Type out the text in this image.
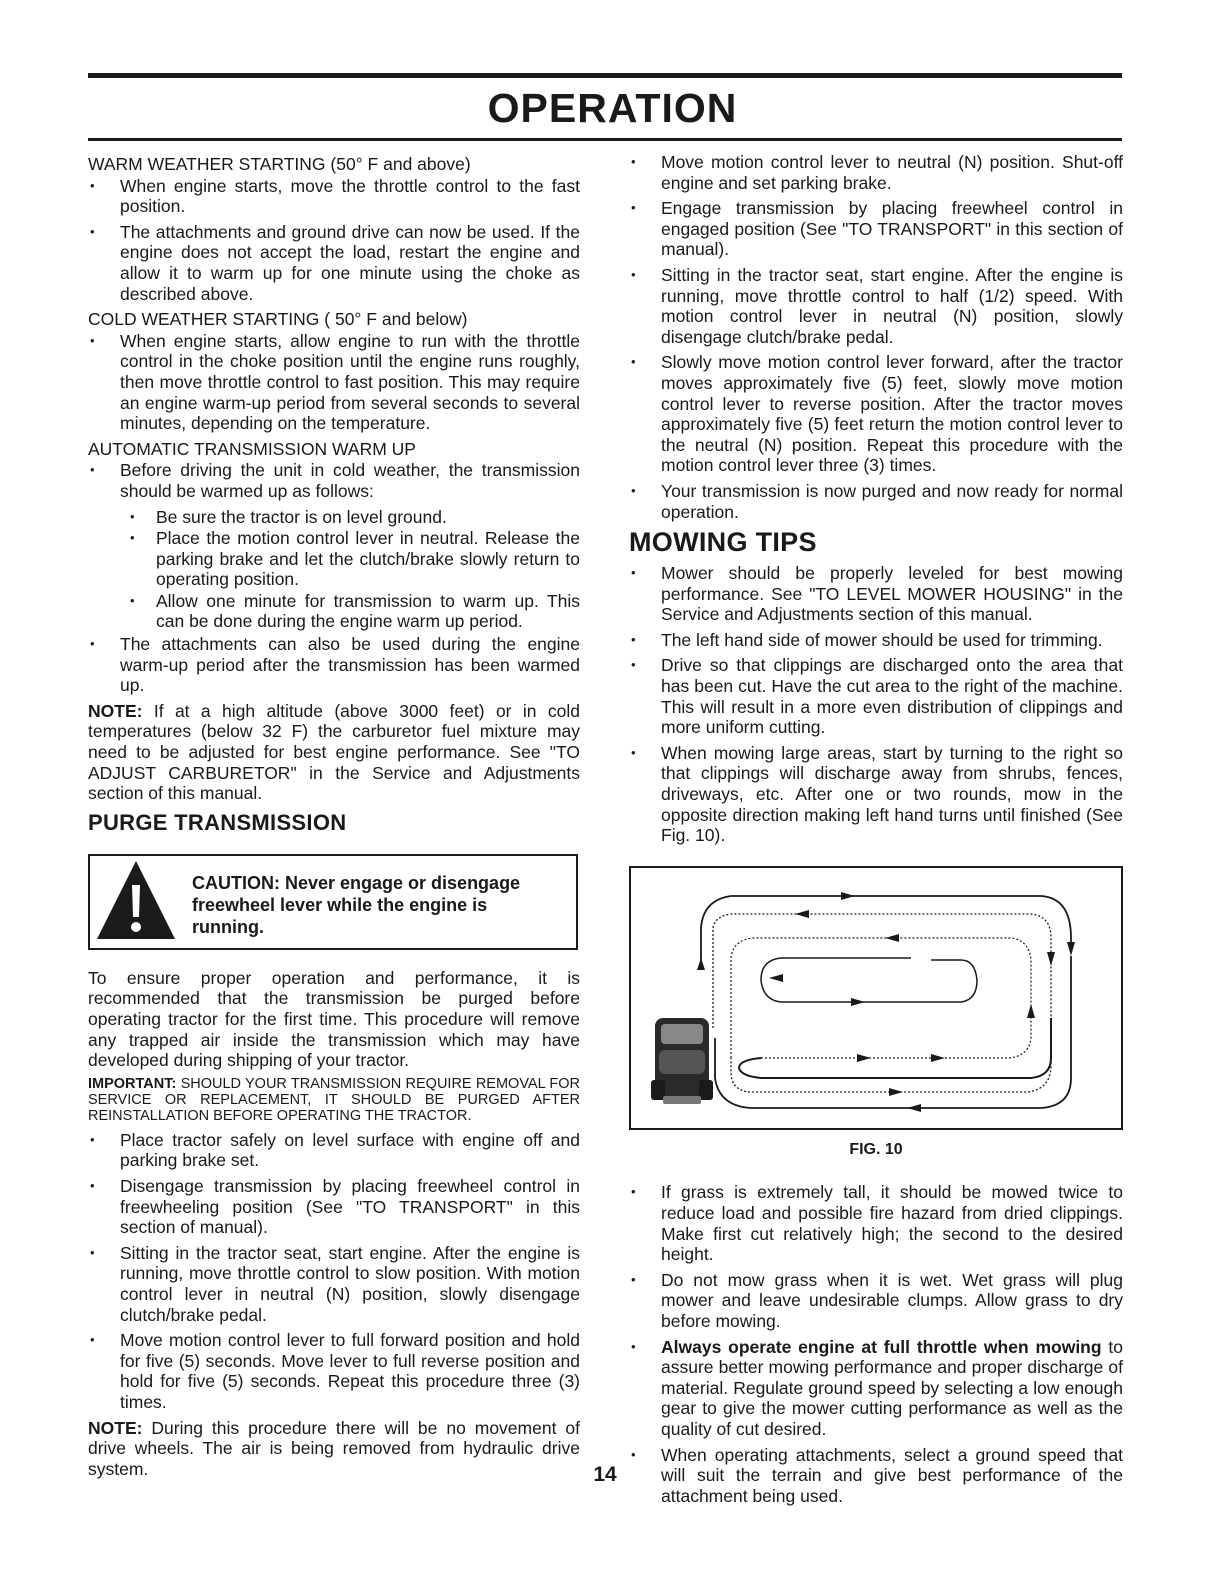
OPERATION
WARM WEATHER STARTING (50° F and above)
• When engine starts, move the throttle control to the fast position.
• The attachments and ground drive can now be used. If the engine does not accept the load, restart the engine and allow it to warm up for one minute using the choke as described above.
COLD WEATHER STARTING ( 50° F and below)
• When engine starts, allow engine to run with the throttle control in the choke position until the engine runs roughly, then move throttle control to fast position. This may require an engine warm-up period from several seconds to several minutes, depending on the temperature.
AUTOMATIC TRANSMISSION WARM UP
• Before driving the unit in cold weather, the transmission should be warmed up as follows:
• Be sure the tractor is on level ground.
• Place the motion control lever in neutral. Release the parking brake and let the clutch/brake slowly return to operating position.
• Allow one minute for transmission to warm up. This can be done during the engine warm up period.
• The attachments can also be used during the engine warm-up period after the transmission has been warmed up.

NOTE: If at a high altitude (above 3000 feet) or in cold temperatures (below 32 F) the carburetor fuel mixture may need to be adjusted for best engine performance. See "TO ADJUST CARBURETOR" in the Service and Adjustments section of this manual.

PURGE TRANSMISSION
CAUTION: Never engage or disengage freewheel lever while the engine is running.

To ensure proper operation and performance, it is recommended that the transmission be purged before operating tractor for the first time. This procedure will remove any trapped air inside the transmission which may have developed during shipping of your tractor.

IMPORTANT: SHOULD YOUR TRANSMISSION REQUIRE REMOVAL FOR SERVICE OR REPLACEMENT, IT SHOULD BE PURGED AFTER REINSTALLATION BEFORE OPERATING THE TRACTOR.
• Place tractor safely on level surface with engine off and parking brake set.
• Disengage transmission by placing freewheel control in freewheeling position (See "TO TRANSPORT" in this section of manual).
• Sitting in the tractor seat, start engine. After the engine is running, move throttle control to slow position. With motion control lever in neutral (N) position, slowly disengage clutch/brake pedal.
• Move motion control lever to full forward position and hold for five (5) seconds. Move lever to full reverse position and hold for five (5) seconds. Repeat this procedure three (3) times.

NOTE: During this procedure there will be no movement of drive wheels. The air is being removed from hydraulic drive system.	14
• Move motion control lever to neutral (N) position. Shut-off engine and set parking brake.
• Engage transmission by placing freewheel control in engaged position (See "TO TRANSPORT" in this section of manual).
• Sitting in the tractor seat, start engine. After the engine is running, move throttle control to half (1/2) speed. With motion control lever in neutral (N) position, slowly disengage clutch/brake pedal.
• Slowly move motion control lever forward, after the tractor moves approximately five (5) feet, slowly move motion control lever to reverse position. After the tractor moves approximately five (5) feet return the motion control lever to the neutral (N) position. Repeat this procedure with the motion control lever three (3) times.
• Your transmission is now purged and now ready for normal operation.
MOWING TIPS
• Mower should be properly leveled for best mowing performance. See "TO LEVEL MOWER HOUSING" in the Service and Adjustments section of this manual.
• The left hand side of mower should be used for trimming.
• Drive so that clippings are discharged onto the area that has been cut. Have the cut area to the right of the machine. This will result in a more even distribution of clippings and more uniform cutting.
• When mowing large areas, start by turning to the right so that clippings will discharge away from shrubs, fences, driveways, etc. After one or two rounds, mow in the opposite direction making left hand turns until finished (See Fig. 10).
FIG. 10
• If grass is extremely tall, it should be mowed twice to reduce load and possible fire hazard from dried clippings. Make first cut relatively high; the second to the desired height.
• Do not mow grass when it is wet. Wet grass will plug mower and leave undesirable clumps. Allow grass to dry before mowing.
• Always operate engine at full throttle when mowing to assure better mowing performance and proper discharge of material. Regulate ground speed by selecting a low enough gear to give the mower cutting performance as well as the quality of cut desired.
• When operating attachments, select a ground speed that will suit the terrain and give best performance of the attachment being used.
